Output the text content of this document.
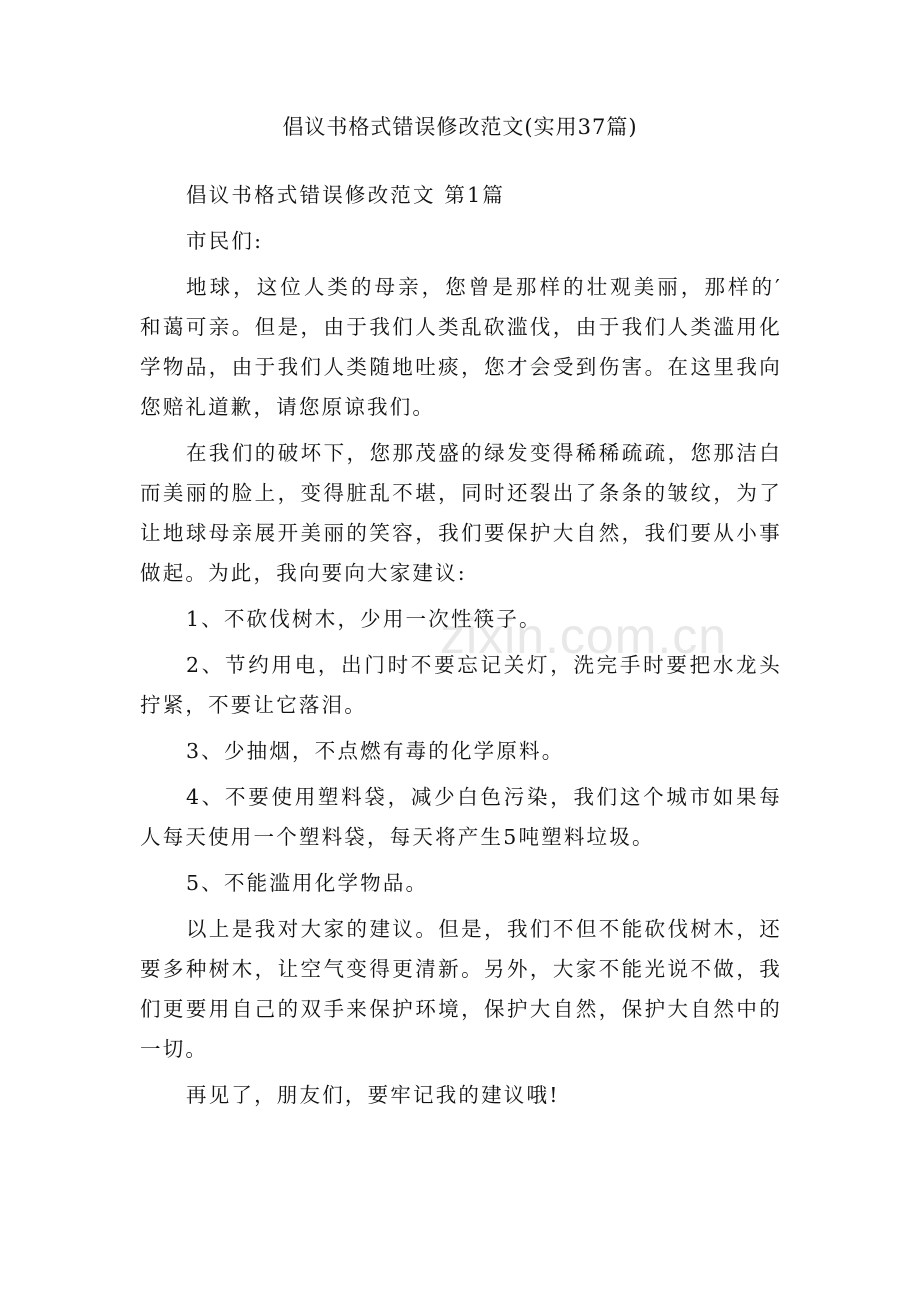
倡议书格式错误修改范文(实用37篇)

倡议书格式错误修改范文 第1篇

市民们:

地球，这位人类的母亲，您曾是那样的壮观美丽，那样的′和蔼可亲。但是，由于我们人类乱砍滥伐，由于我们人类滥用化学物品，由于我们人类随地吐痰，您才会受到伤害。在这里我向您赔礼道歉，请您原谅我们。

在我们的破坏下，您那茂盛的绿发变得稀稀疏疏，您那洁白而美丽的脸上，变得脏乱不堪，同时还裂出了条条的皱纹，为了让地球母亲展开美丽的笑容，我们要保护大自然，我们要从小事做起。为此，我向要向大家建议:

1、不砍伐树木，少用一次性筷子。

2、节约用电，出门时不要忘记关灯，洗完手时要把水龙头拧紧，不要让它落泪。

3、少抽烟，不点燃有毒的化学原料。

4、不要使用塑料袋，减少白色污染，我们这个城市如果每人每天使用一个塑料袋，每天将产生5吨塑料垃圾。

5、不能滥用化学物品。

以上是我对大家的建议。但是，我们不但不能砍伐树木，还要多种树木，让空气变得更清新。另外，大家不能光说不做，我们更要用自己的双手来保护环境，保护大自然，保护大自然中的一切。

再见了，朋友们，要牢记我的建议哦!

zixin.com.cn
